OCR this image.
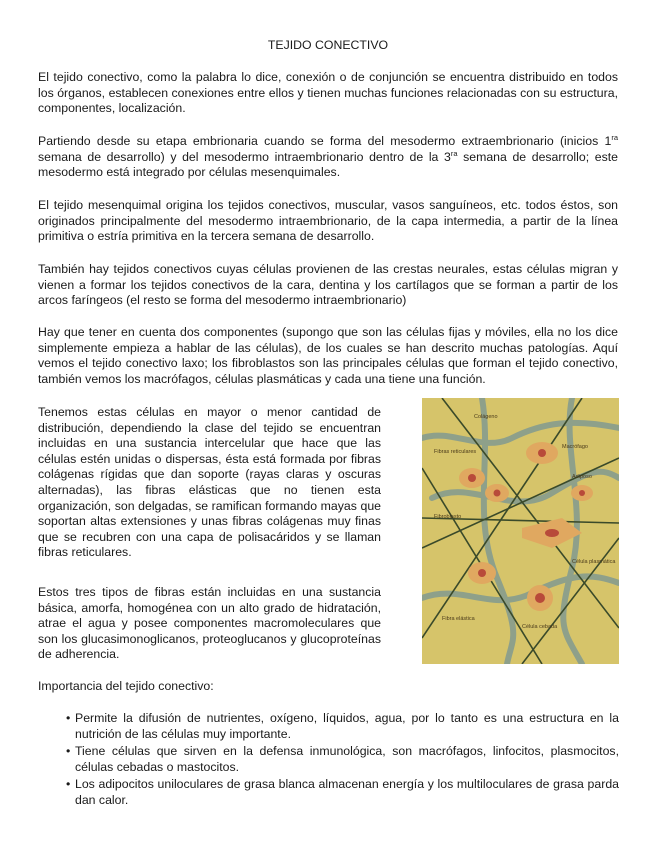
TEJIDO CONECTIVO

El tejido conectivo, como la palabra lo dice, conexión o de conjunción se encuentra distribuido en todos los órganos, establecen conexiones entre ellos y tienen muchas funciones relacionadas con su estructura, componentes, localización.

Partiendo desde su etapa embrionaria cuando se forma del mesodermo extraembrionario (inicios $1^{ra}$ semana de desarrollo) y del mesodermo intraembrionario dentro de la $3^{ra}$ semana de desarrollo; este mesodermo está integrado por células mesenquimales.

El tejido mesenquimal origina los tejidos conectivos, muscular, vasos sanguíneos, etc. todos éstos, son originados principalmente del mesodermo intraembrionario, de la capa intermedia, a partir de la línea primitiva o estría primitiva en la tercera semana de desarrollo.

También hay tejidos conectivos cuyas células provienen de las crestas neurales, estas células migran y vienen a formar los tejidos conectivos de la cara, dentina y los cartílagos que se forman a partir de los arcos faríngeos (el resto se forma del mesodermo intraembrionario)

Hay que tener en cuenta dos componentes (supongo que son las células fijas y móviles, ella no los dice simplemente empieza a hablar de las células), de los cuales se han descrito muchas patologías. Aquí vemos el tejido conectivo laxo; los fibroblastos son las principales células que forman el tejido conectivo, también vemos los macrófagos, células plasmáticas y cada una tiene una función.

Tenemos estas células en mayor o menor cantidad de distribución, dependiendo la clase del tejido se encuentran incluidas en una sustancia intercelular que hace que las células estén unidas o dispersas, ésta está formada por fibras colágenas rígidas que dan soporte (rayas claras y oscuras alternadas), las fibras elásticas que no tienen esta organización, son delgadas, se ramifican formando mayas que soportan altas extensiones y unas fibras colágenas muy finas que se recubren con una capa de polisacáridos y se llaman fibras reticulares.

Estos tres tipos de fibras están incluidas en una sustancia básica, amorfa, homogénea con un alto grado de hidratación, atrae el agua y posee componentes macromoleculares que son los glucasimonoglicanos, proteoglucanos y glucoproteínas de adherencia.

Importancia del tejido conectivo:

Colágeno
Fibras reticulares
Macrófago
Fibroblasto
Fibra elástica
Célula plasmática
Célula cebada
Adiposo
• Permite la difusión de nutrientes, oxígeno, líquidos, agua, por lo tanto es una estructura en la nutrición de las células muy importante.
• Tiene células que sirven en la defensa inmunológica, son macrófagos, linfocitos, plasmocitos, células cebadas o mastocitos.
• Los adipocitos uniloculares de grasa blanca almacenan energía y los multiloculares de grasa parda dan calor.
